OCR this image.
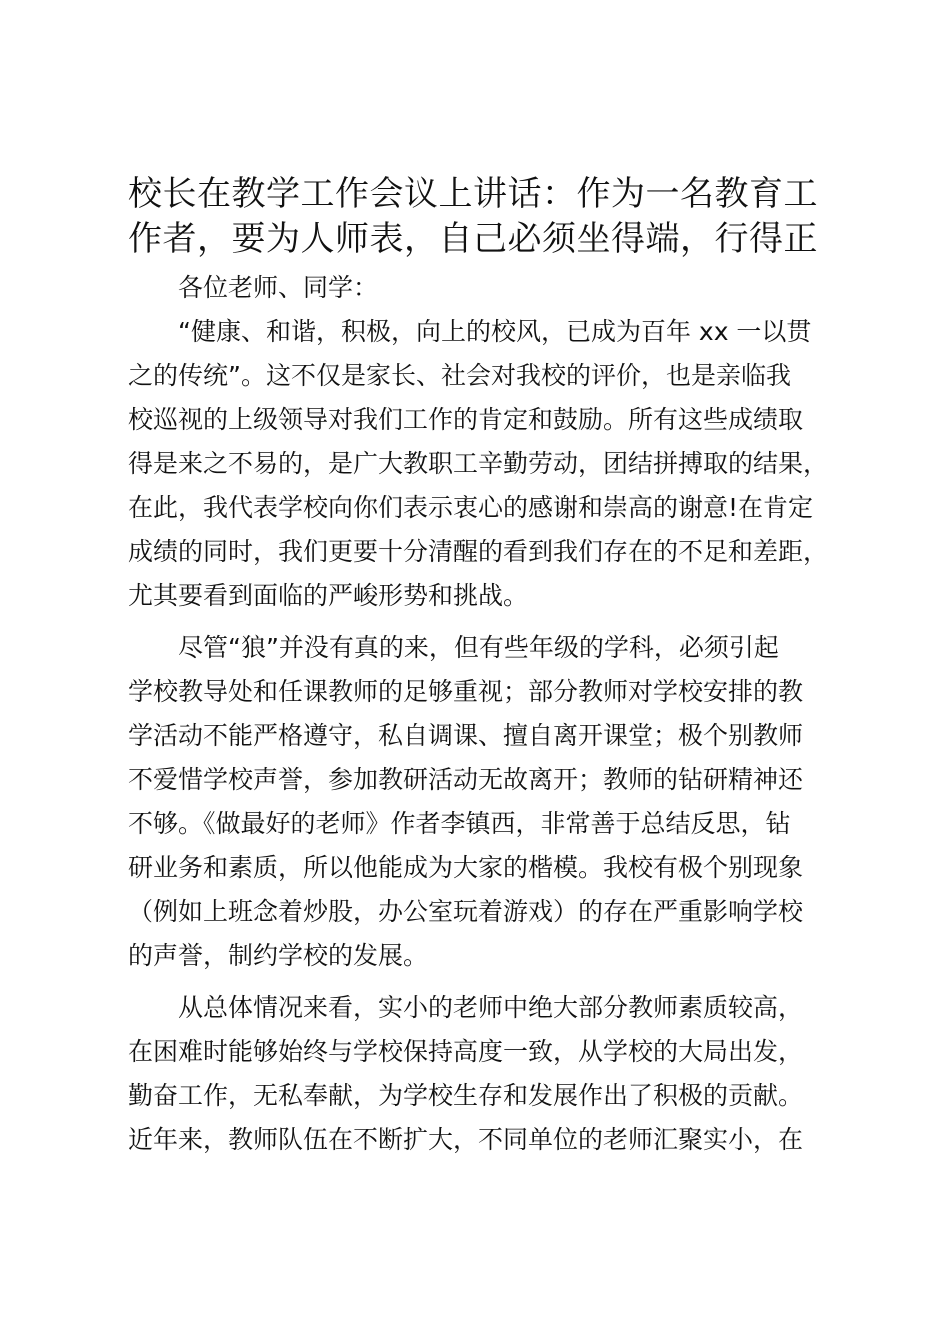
校长在教学工作会议上讲话：作为一名教育工
作者，要为人师表，自己必须坐得端，行得正

各位老师、同学：

“健康、和谐，积极，向上的校风，已成为百年 xx 一以贯
之的传统”。这不仅是家长、社会对我校的评价，也是亲临我
校巡视的上级领导对我们工作的肯定和鼓励。所有这些成绩取
得是来之不易的，是广大教职工辛勤劳动，团结拼搏取的结果，
在此，我代表学校向你们表示衷心的感谢和崇高的谢意!在肯定
成绩的同时，我们更要十分清醒的看到我们存在的不足和差距，
尤其要看到面临的严峻形势和挑战。

尽管“狼”并没有真的来，但有些年级的学科，必须引起
学校教导处和任课教师的足够重视；部分教师对学校安排的教
学活动不能严格遵守，私自调课、擅自离开课堂；极个别教师
不爱惜学校声誉，参加教研活动无故离开；教师的钻研精神还
不够。《做最好的老师》作者李镇西，非常善于总结反思，钻
研业务和素质，所以他能成为大家的楷模。我校有极个别现象
（例如上班念着炒股，办公室玩着游戏）的存在严重影响学校
的声誉，制约学校的发展。

从总体情况来看，实小的老师中绝大部分教师素质较高，
在困难时能够始终与学校保持高度一致，从学校的大局出发，
勤奋工作，无私奉献，为学校生存和发展作出了积极的贡献。
近年来，教师队伍在不断扩大，不同单位的老师汇聚实小，在
